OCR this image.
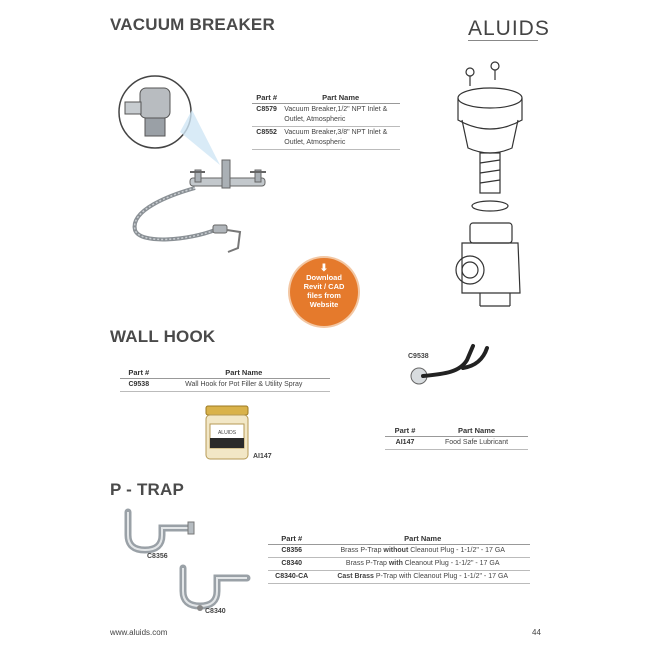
ALUIDS
VACUUM BREAKER
Part #	Part Name
C8579	Vacuum Breaker,1/2" NPT Inlet &
Outlet, Atmospheric
C8552	Vacuum Breaker,3/8" NPT Inlet &
Outlet, Atmospheric
⬇
Download
Revit / CAD
files from
Website
WALL HOOK
Part #	Part Name
C9538	Wall Hook for Pot Filler & Utility Spray
C9538
ALUIDS
AI147
Part #	Part Name
AI147	Food Safe Lubricant
P - TRAP
C8356
C8340
Part #	Part Name
C8356	Brass P-Trap without Cleanout Plug - 1-1/2" - 17 GA
C8340	Brass P-Trap with Cleanout Plug - 1-1/2" - 17 GA
C8340-CA	Cast Brass P-Trap with Cleanout Plug - 1-1/2" - 17 GA
www.aluids.com	44
